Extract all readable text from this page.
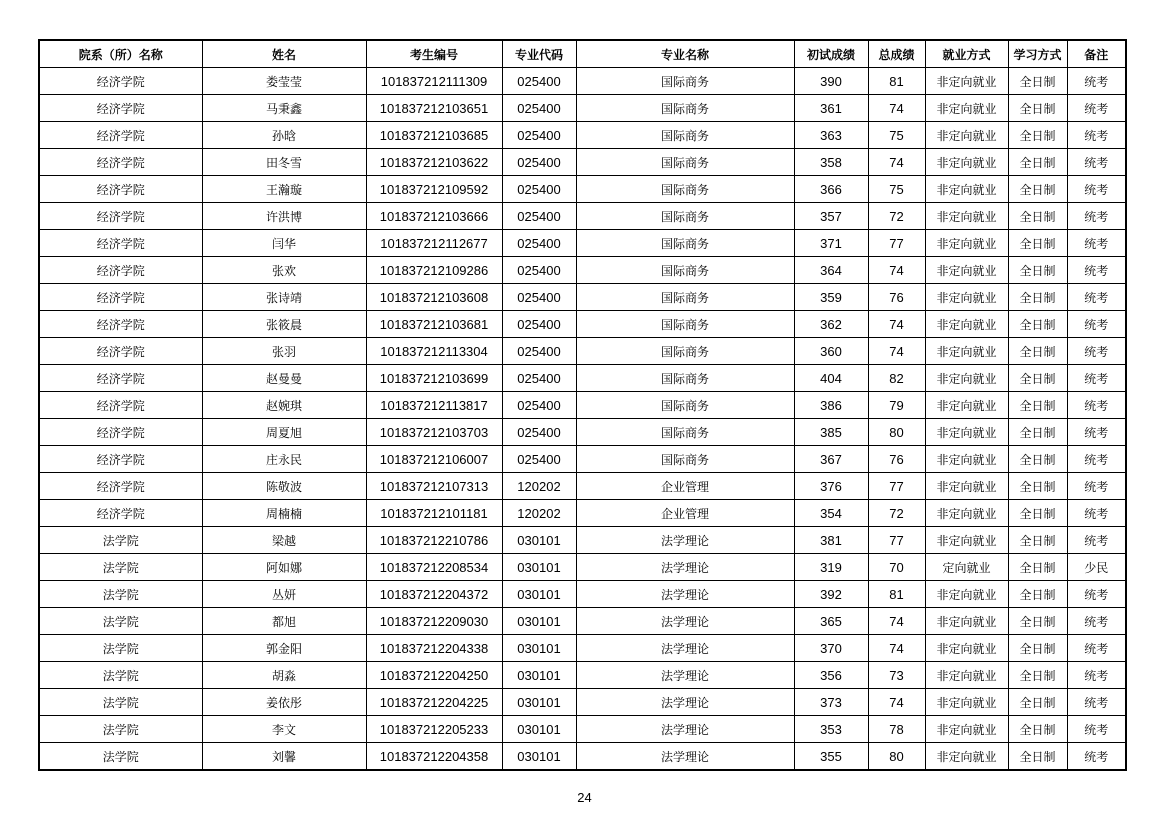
院系（所）名称	姓名	考生编号	专业代码	专业名称	初试成绩	总成绩	就业方式	学习方式	备注
经济学院	娄莹莹	101837212111309	025400	国际商务	390	81	非定向就业	全日制	统考
经济学院	马秉鑫	101837212103651	025400	国际商务	361	74	非定向就业	全日制	统考
经济学院	孙晗	101837212103685	025400	国际商务	363	75	非定向就业	全日制	统考
经济学院	田冬雪	101837212103622	025400	国际商务	358	74	非定向就业	全日制	统考
经济学院	王瀚璇	101837212109592	025400	国际商务	366	75	非定向就业	全日制	统考
经济学院	许洪博	101837212103666	025400	国际商务	357	72	非定向就业	全日制	统考
经济学院	闫华	101837212112677	025400	国际商务	371	77	非定向就业	全日制	统考
经济学院	张欢	101837212109286	025400	国际商务	364	74	非定向就业	全日制	统考
经济学院	张诗靖	101837212103608	025400	国际商务	359	76	非定向就业	全日制	统考
经济学院	张筱晨	101837212103681	025400	国际商务	362	74	非定向就业	全日制	统考
经济学院	张羽	101837212113304	025400	国际商务	360	74	非定向就业	全日制	统考
经济学院	赵曼曼	101837212103699	025400	国际商务	404	82	非定向就业	全日制	统考
经济学院	赵婉琪	101837212113817	025400	国际商务	386	79	非定向就业	全日制	统考
经济学院	周夏旭	101837212103703	025400	国际商务	385	80	非定向就业	全日制	统考
经济学院	庄永民	101837212106007	025400	国际商务	367	76	非定向就业	全日制	统考
经济学院	陈敬波	101837212107313	120202	企业管理	376	77	非定向就业	全日制	统考
经济学院	周楠楠	101837212101181	120202	企业管理	354	72	非定向就业	全日制	统考
法学院	梁越	101837212210786	030101	法学理论	381	77	非定向就业	全日制	统考
法学院	阿如娜	101837212208534	030101	法学理论	319	70	定向就业	全日制	少民
法学院	丛妍	101837212204372	030101	法学理论	392	81	非定向就业	全日制	统考
法学院	都旭	101837212209030	030101	法学理论	365	74	非定向就业	全日制	统考
法学院	郭金阳	101837212204338	030101	法学理论	370	74	非定向就业	全日制	统考
法学院	胡淼	101837212204250	030101	法学理论	356	73	非定向就业	全日制	统考
法学院	姜依彤	101837212204225	030101	法学理论	373	74	非定向就业	全日制	统考
法学院	李文	101837212205233	030101	法学理论	353	78	非定向就业	全日制	统考
法学院	刘馨	101837212204358	030101	法学理论	355	80	非定向就业	全日制	统考
24
